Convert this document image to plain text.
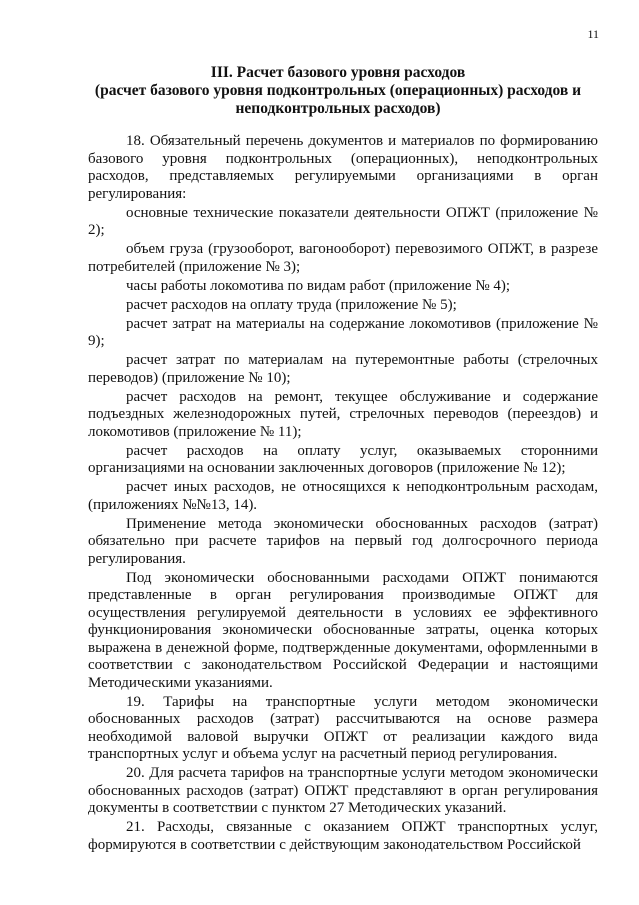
11
III. Расчет базового уровня расходов
(расчет базового уровня подконтрольных (операционных) расходов и
неподконтрольных расходов)

18. Обязательный перечень документов и материалов по формированию базового уровня подконтрольных (операционных), неподконтрольных расходов, представляемых регулируемыми организациями в орган регулирования:

основные технические показатели деятельности ОПЖТ (приложение № 2);

объем груза (грузооборот, вагонооборот) перевозимого ОПЖТ, в разрезе потребителей (приложение № 3);

часы работы локомотива по видам работ (приложение № 4);

расчет расходов на оплату труда (приложение № 5);

расчет затрат на материалы на содержание локомотивов (приложение № 9);

расчет затрат по материалам на путеремонтные работы (стрелочных переводов) (приложение № 10);

расчет расходов на ремонт, текущее обслуживание и содержание подъездных железнодорожных путей, стрелочных переводов (переездов) и локомотивов (приложение № 11);

расчет расходов на оплату услуг, оказываемых сторонними организациями на основании заключенных договоров (приложение № 12);

расчет иных расходов, не относящихся к неподконтрольным расходам, (приложениях №№13, 14).

Применение метода экономически обоснованных расходов (затрат) обязательно при расчете тарифов на первый год долгосрочного периода регулирования.

Под экономически обоснованными расходами ОПЖТ понимаются представленные в орган регулирования производимые ОПЖТ для осуществления регулируемой деятельности в условиях ее эффективного функционирования экономически обоснованные затраты, оценка которых выражена в денежной форме, подтвержденные документами, оформленными в соответствии с законодательством Российской Федерации и настоящими Методическими указаниями.

19. Тарифы на транспортные услуги методом экономически обоснованных расходов (затрат) рассчитываются на основе размера необходимой валовой выручки ОПЖТ от реализации каждого вида транспортных услуг и объема услуг на расчетный период регулирования.

20. Для расчета тарифов на транспортные услуги методом экономически обоснованных расходов (затрат) ОПЖТ представляют в орган регулирования документы в соответствии с пунктом 27 Методических указаний.

21. Расходы, связанные с оказанием ОПЖТ транспортных услуг, формируются в соответствии с действующим законодательством Российской
